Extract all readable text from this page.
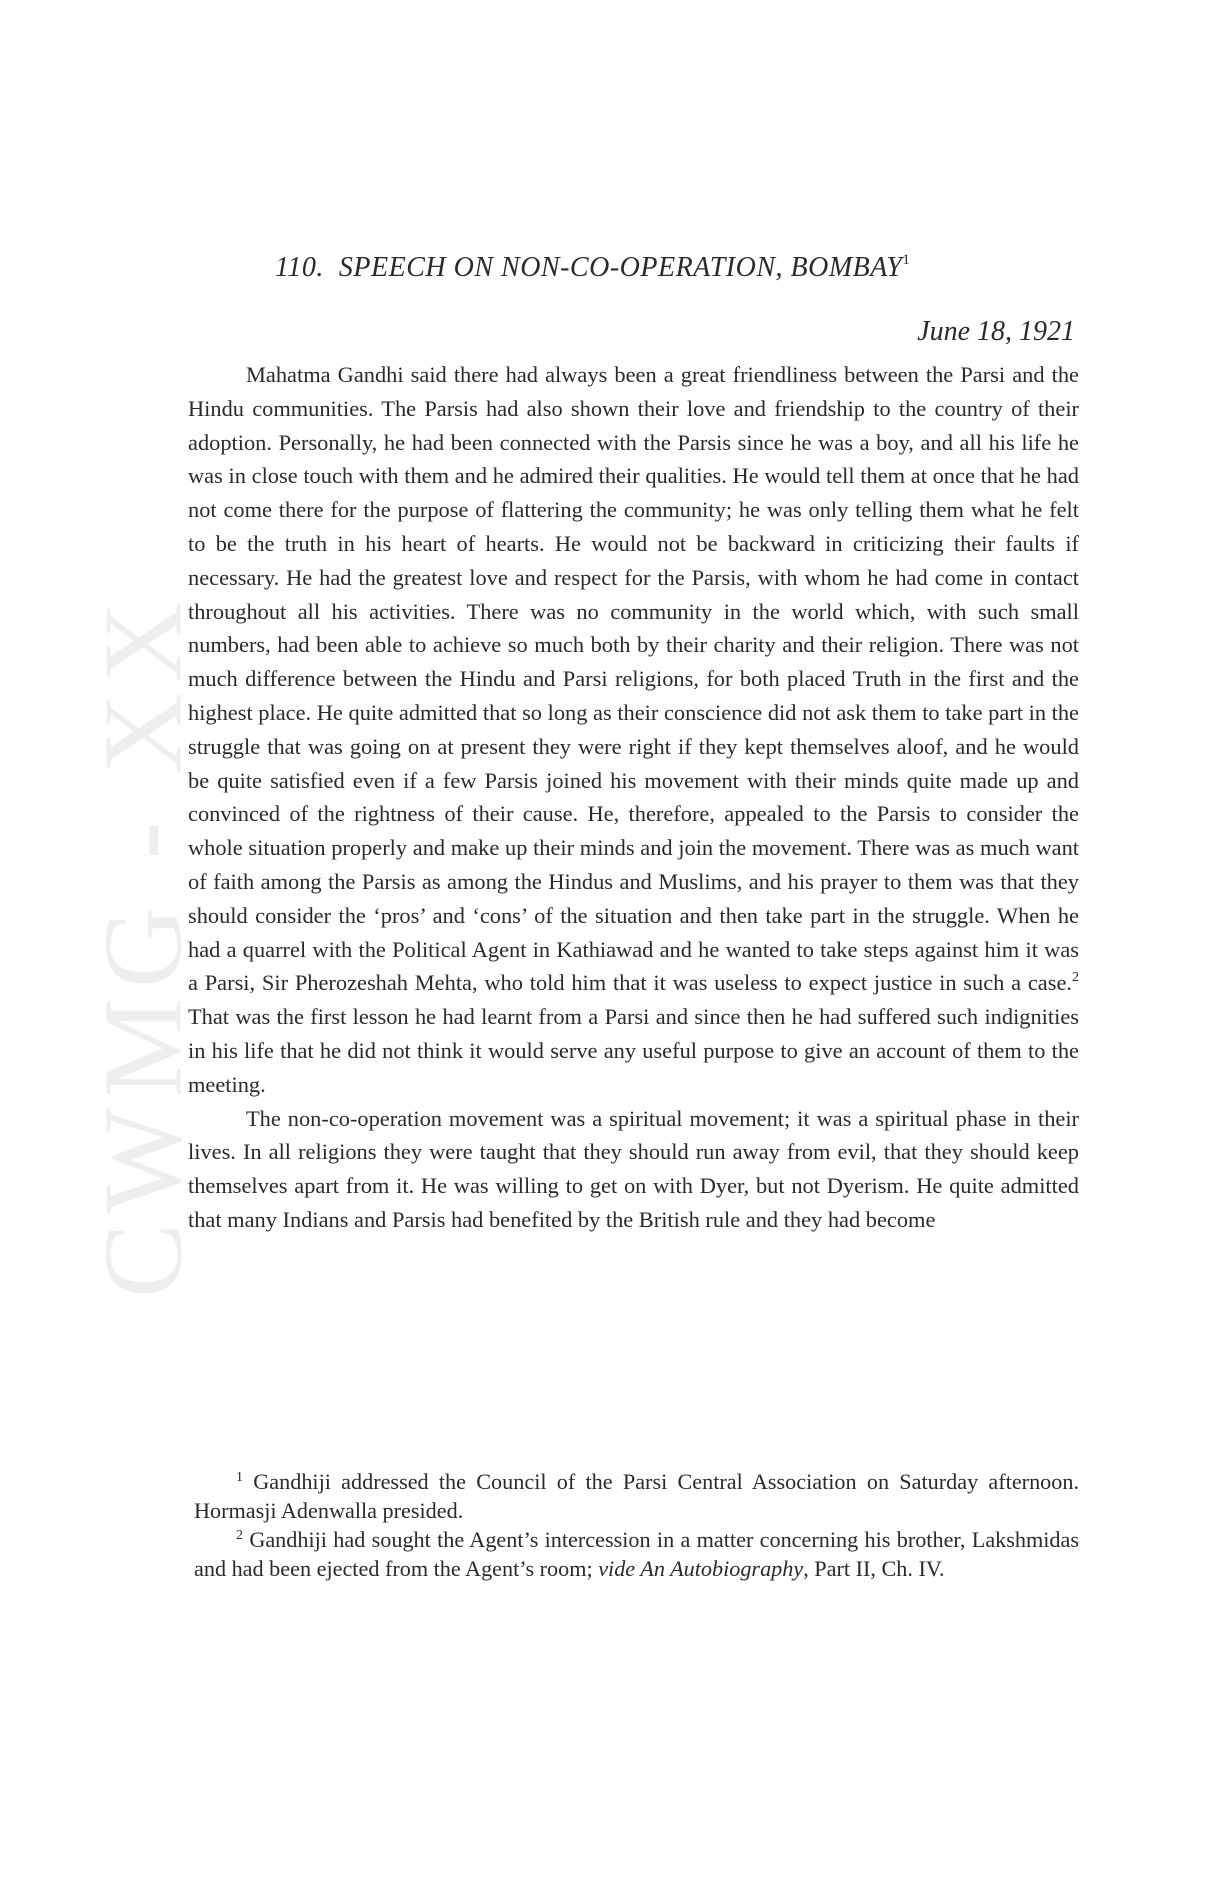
CWMG - XX
110. SPEECH ON NON-CO-OPERATION, BOMBAY$^1$
June 18, 1921

Mahatma Gandhi said there had always been a great friendliness between the Parsi and the Hindu communities. The Parsis had also shown their love and friendship to the country of their adoption. Personally, he had been connected with the Parsis since he was a boy, and all his life he was in close touch with them and he admired their qualities. He would tell them at once that he had not come there for the purpose of flattering the community; he was only telling them what he felt to be the truth in his heart of hearts. He would not be backward in criticizing their faults if necessary. He had the greatest love and respect for the Parsis, with whom he had come in contact throughout all his activities. There was no community in the world which, with such small numbers, had been able to achieve so much both by their charity and their religion. There was not much difference between the Hindu and Parsi religions, for both placed Truth in the first and the highest place. He quite admitted that so long as their conscience did not ask them to take part in the struggle that was going on at present they were right if they kept themselves aloof, and he would be quite satisfied even if a few Parsis joined his movement with their minds quite made up and convinced of the rightness of their cause. He, therefore, appealed to the Parsis to consider the whole situation properly and make up their minds and join the movement. There was as much want of faith among the Parsis as among the Hindus and Muslims, and his prayer to them was that they should consider the ‘pros’ and ‘cons’ of the situation and then take part in the struggle. When he had a quarrel with the Political Agent in Kathiawad and he wanted to take steps against him it was a Parsi, Sir Pherozeshah Mehta, who told him that it was useless to expect justice in such a case.$^2$ That was the first lesson he had learnt from a Parsi and since then he had suffered such indignities in his life that he did not think it would serve any useful purpose to give an account of them to the meeting.

The non-co-operation movement was a spiritual movement; it was a spiritual phase in their lives. In all religions they were taught that they should run away from evil, that they should keep themselves apart from it. He was willing to get on with Dyer, but not Dyerism. He quite admitted that many Indians and Parsis had benefited by the British rule and they had become

$^1$ Gandhiji addressed the Council of the Parsi Central Association on Saturday afternoon. Hormasji Adenwalla presided.

$^2$ Gandhiji had sought the Agent’s intercession in a matter concerning his brother, Lakshmidas and had been ejected from the Agent’s room; vide An Autobiography, Part II, Ch. IV.
